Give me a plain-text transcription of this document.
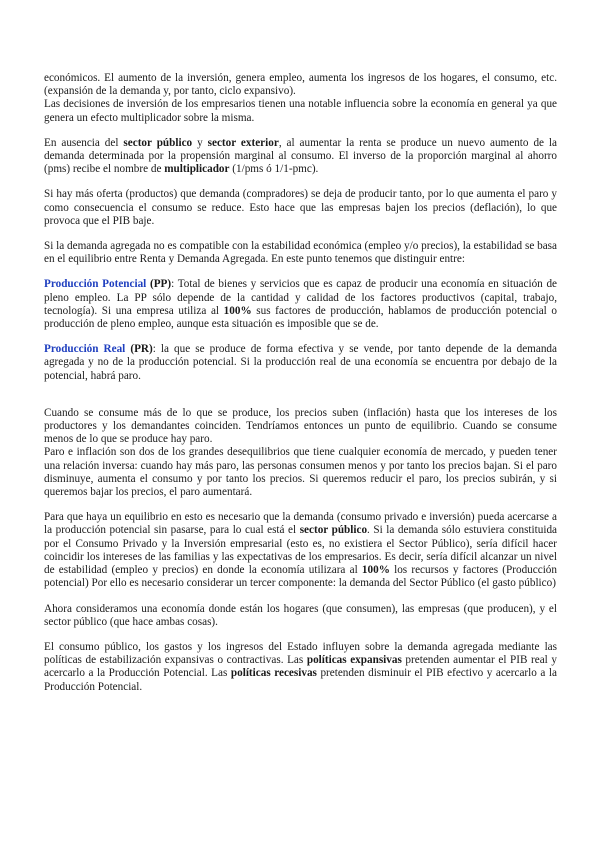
económicos. El aumento de la inversión, genera empleo, aumenta los ingresos de los hogares, el consumo, etc. (expansión de la demanda y, por tanto, ciclo expansivo).

Las decisiones de inversión de los empresarios tienen una notable influencia sobre la economía en general ya que genera un efecto multiplicador sobre la misma.

En ausencia del sector público y sector exterior, al aumentar la renta se produce un nuevo aumento de la demanda determinada por la propensión marginal al consumo. El inverso de la proporción marginal al ahorro (pms) recibe el nombre de multiplicador (1/pms ó 1/1-pmc).

Si hay más oferta (productos) que demanda (compradores) se deja de producir tanto, por lo que aumenta el paro y como consecuencia el consumo se reduce. Esto hace que las empresas bajen los precios (deflación), lo que provoca que el PIB baje.

Si la demanda agregada no es compatible con la estabilidad económica (empleo y/o precios), la estabilidad se basa en el equilibrio entre Renta y Demanda Agregada. En este punto tenemos que distinguir entre:

Producción Potencial (PP): Total de bienes y servicios que es capaz de producir una economía en situación de pleno empleo. La PP sólo depende de la cantidad y calidad de los factores productivos (capital, trabajo, tecnología). Si una empresa utiliza al 100% sus factores de producción, hablamos de producción potencial o producción de pleno empleo, aunque esta situación es imposible que se de.

Producción Real (PR): la que se produce de forma efectiva y se vende, por tanto depende de la demanda agregada y no de la producción potencial. Si la producción real de una economía se encuentra por debajo de la potencial, habrá paro.

Cuando se consume más de lo que se produce, los precios suben (inflación) hasta que los intereses de los productores y los demandantes coinciden. Tendríamos entonces un punto de equilibrio. Cuando se consume menos de lo que se produce hay paro.

Paro e inflación son dos de los grandes desequilibrios que tiene cualquier economía de mercado, y pueden tener una relación inversa: cuando hay más paro, las personas consumen menos y por tanto los precios bajan. Si el paro disminuye, aumenta el consumo y por tanto los precios. Si queremos reducir el paro, los precios subirán, y si queremos bajar los precios, el paro aumentará.

Para que haya un equilibrio en esto es necesario que la demanda (consumo privado e inversión) pueda acercarse a la producción potencial sin pasarse, para lo cual está el sector público. Si la demanda sólo estuviera constituida por el Consumo Privado y la Inversión empresarial (esto es, no existiera el Sector Público), sería difícil hacer coincidir los intereses de las familias y las expectativas de los empresarios. Es decir, sería difícil alcanzar un nivel de estabilidad (empleo y precios) en donde la economía utilizara al 100% los recursos y factores (Producción potencial) Por ello es necesario considerar un tercer componente: la demanda del Sector Público (el gasto público)

Ahora consideramos una economía donde están los hogares (que consumen), las empresas (que producen), y el sector público (que hace ambas cosas).

El consumo público, los gastos y los ingresos del Estado influyen sobre la demanda agregada mediante las políticas de estabilización expansivas o contractivas. Las políticas expansivas pretenden aumentar el PIB real y acercarlo a la Producción Potencial. Las políticas recesivas pretenden disminuir el PIB efectivo y acercarlo a la Producción Potencial.
